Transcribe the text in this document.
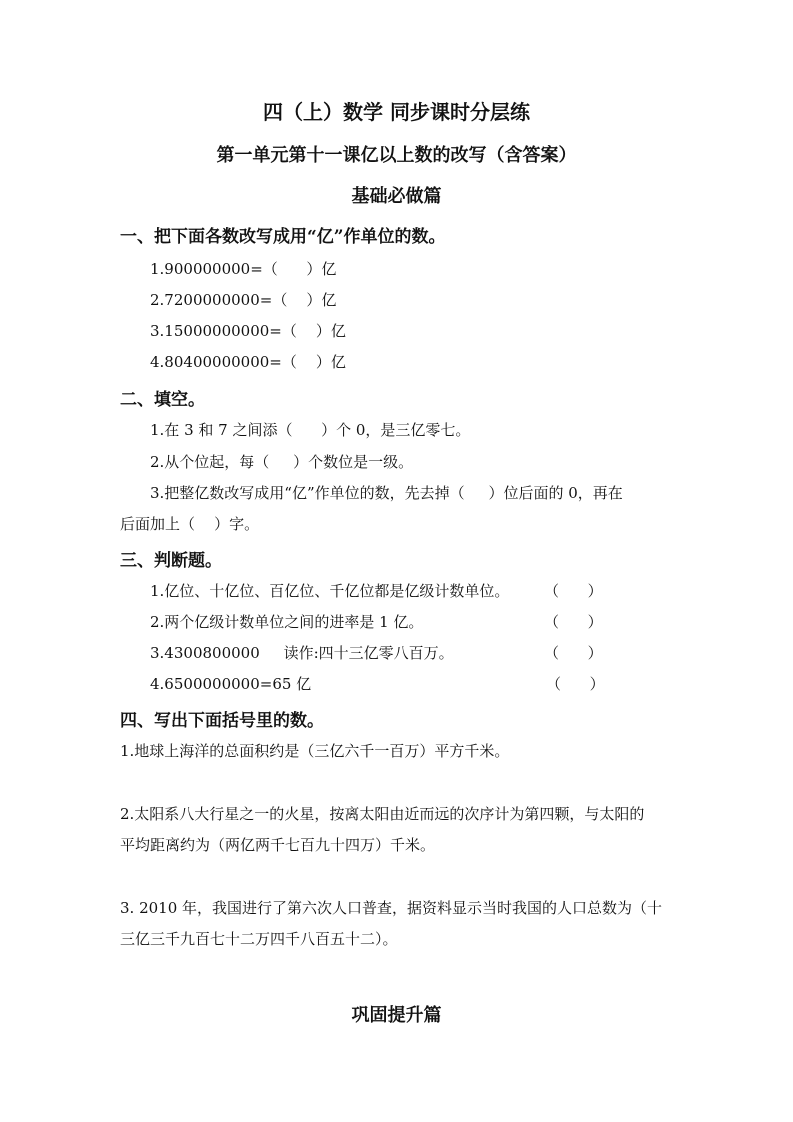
四（上）数学 同步课时分层练
第一单元第十一课亿以上数的改写（含答案）
基础必做篇
一、把下面各数改写成用“亿”作单位的数。
1.900000000=（      ）亿
2.7200000000=（    ）亿
3.15000000000=（    ）亿
4.80400000000=（    ）亿
二、填空。
1.在 3 和 7 之间添（      ）个 0，是三亿零七。
2.从个位起，每（     ）个数位是一级。
3.把整亿数改写成用“亿”作单位的数，先去掉（     ）位后面的 0，再在
后面加上（    ）字。
三、判断题。
1.亿位、十亿位、百亿位、千亿位都是亿级计数单位。 （      ）
2.两个亿级计数单位之间的进率是 1 亿。	（      ）
3.4300800000     读作:四十三亿零八百万。	（      ）
4.6500000000=65 亿	（      ）
四、写出下面括号里的数。
1.地球上海洋的总面积约是（三亿六千一百万）平方千米。
2.太阳系八大行星之一的火星，按离太阳由近而远的次序计为第四颗，与太阳的
平均距离约为（两亿两千七百九十四万）千米。
3. 2010 年，我国进行了第六次人口普查，据资料显示当时我国的人口总数为（十
三亿三千九百七十二万四千八百五十二）。
巩固提升篇
